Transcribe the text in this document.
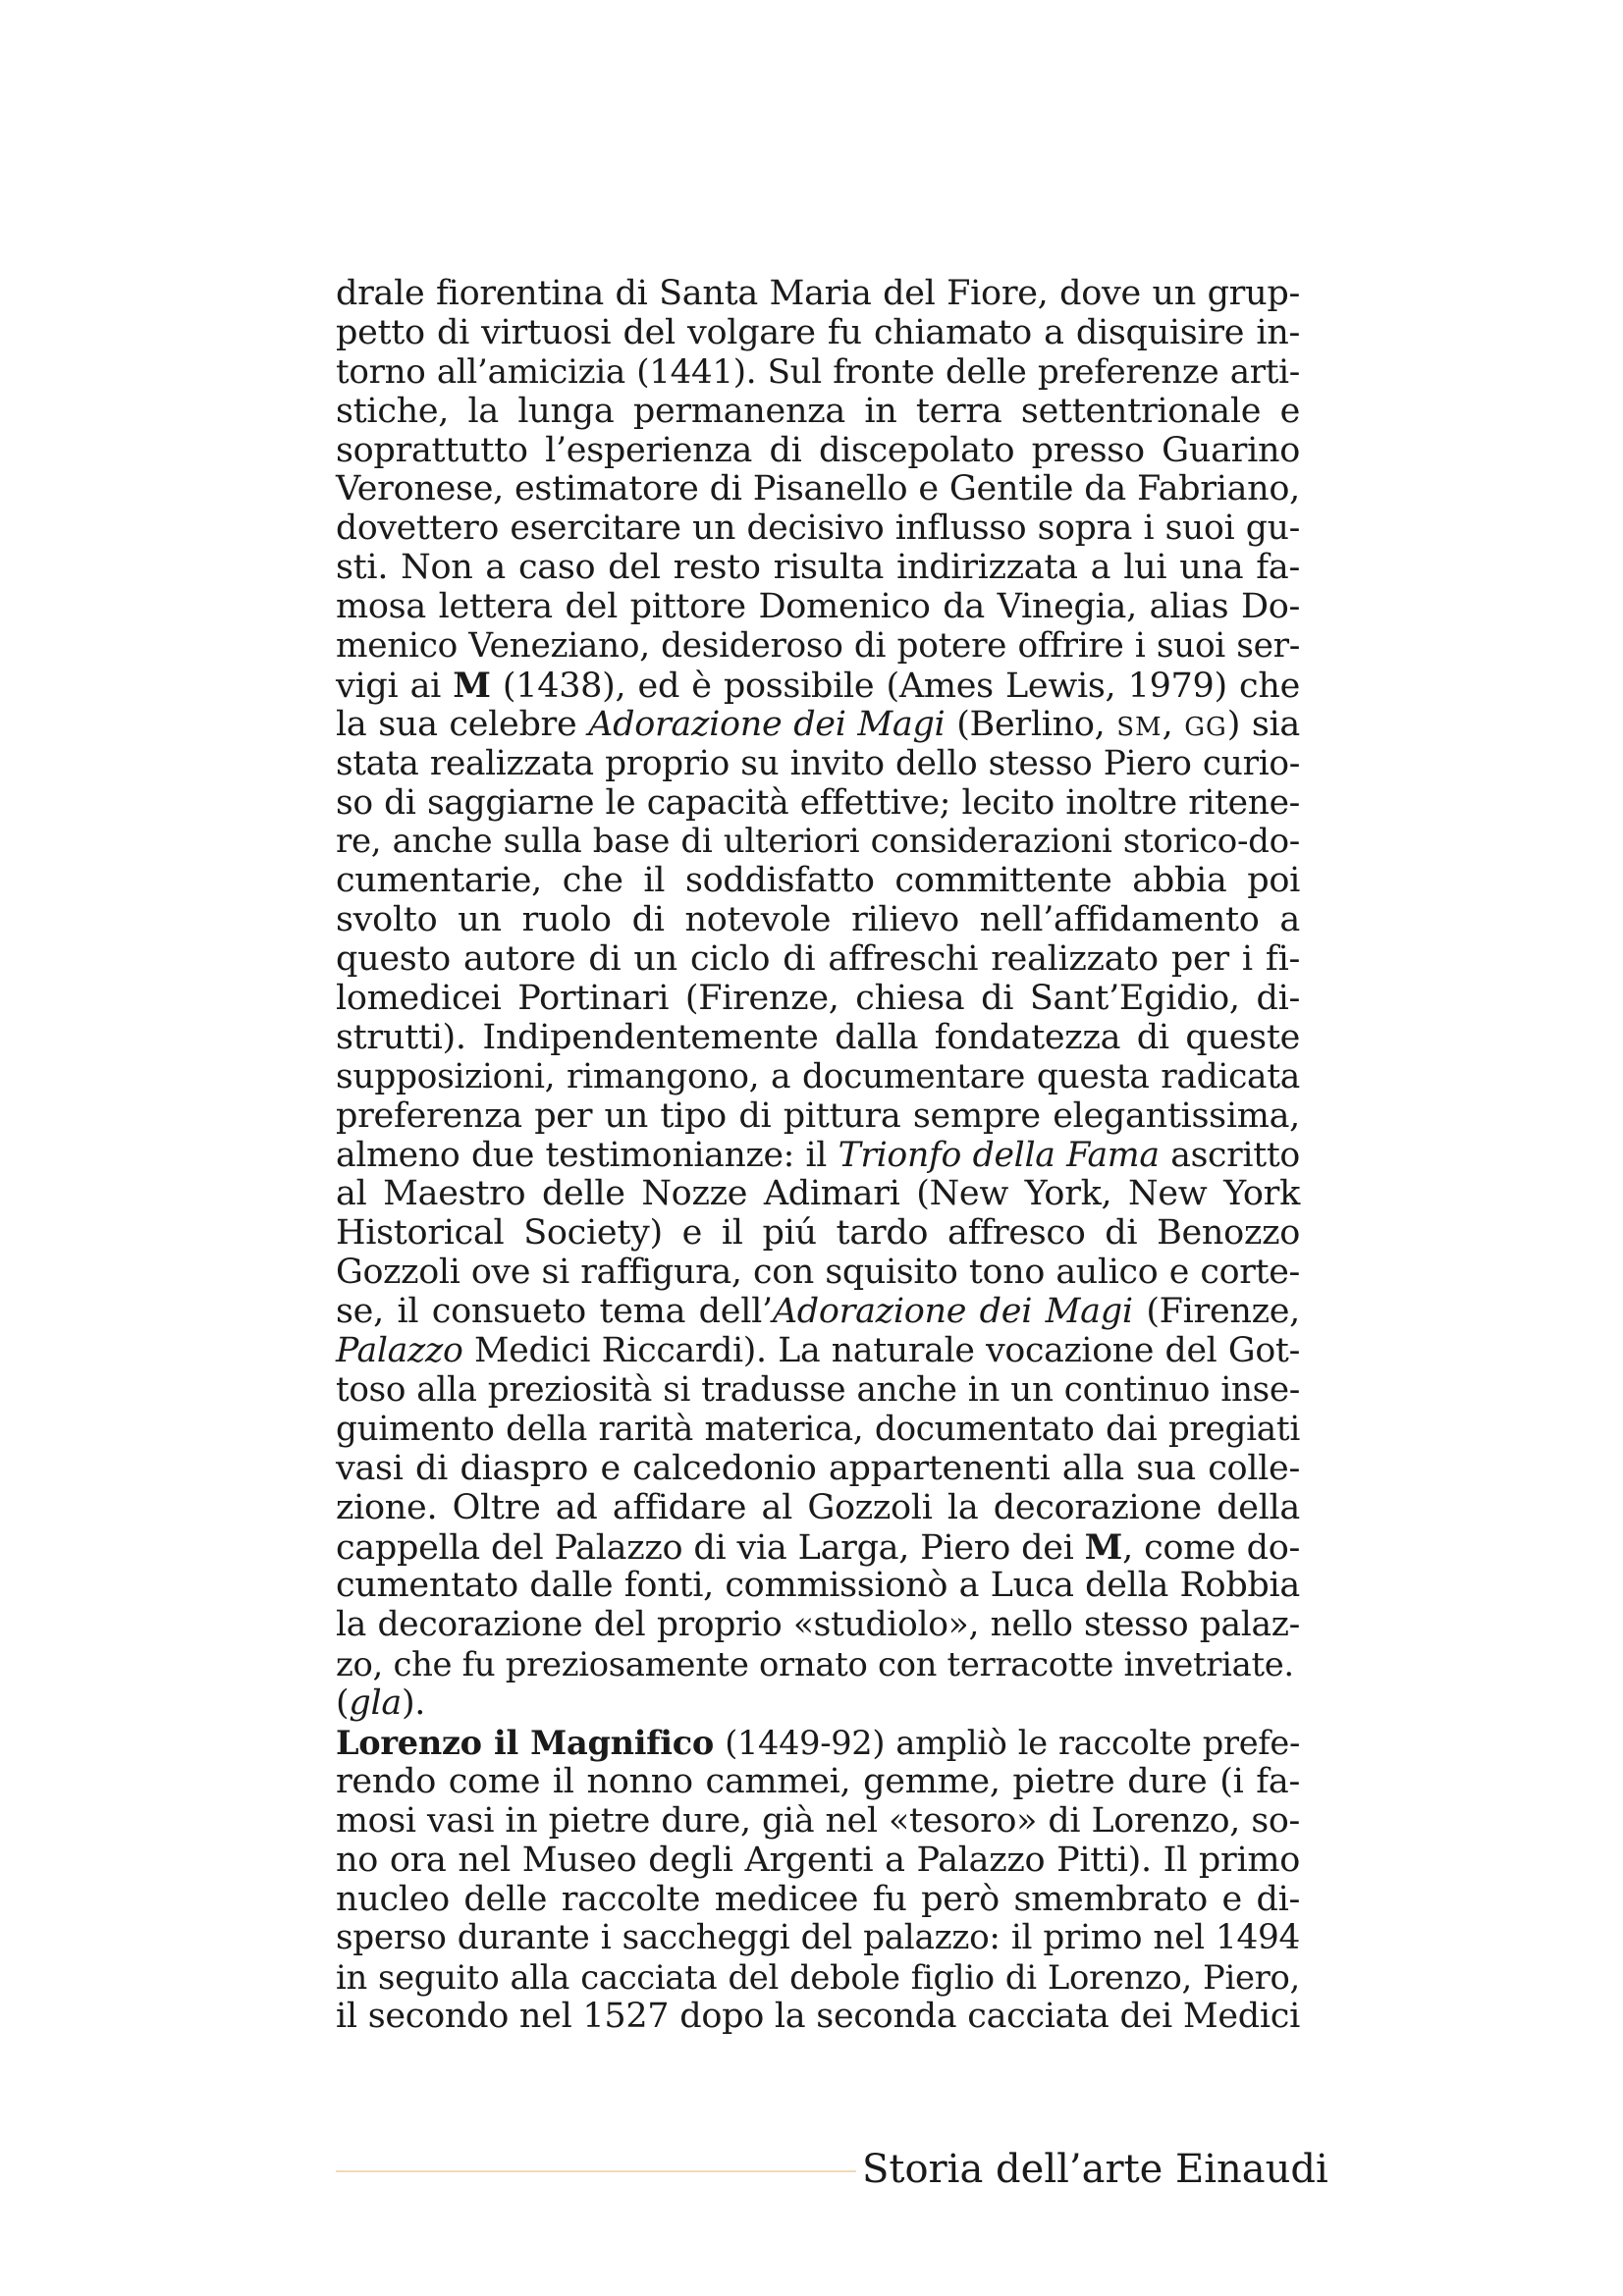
drale fiorentina di Santa Maria del Fiore, dove un grup-
petto di virtuosi del volgare fu chiamato a disquisire in-
torno all’amicizia (1441). Sul fronte delle preferenze arti-
stiche, la lunga permanenza in terra settentrionale e
soprattutto l’esperienza di discepolato presso Guarino
Veronese, estimatore di Pisanello e Gentile da Fabriano,
dovettero esercitare un decisivo influsso sopra i suoi gu-
sti. Non a caso del resto risulta indirizzata a lui una fa-
mosa lettera del pittore Domenico da Vinegia, alias Do-
menico Veneziano, desideroso di potere offrire i suoi ser-
vigi ai M (1438), ed è possibile (Ames Lewis, 1979) che
la sua celebre Adorazione dei Magi (Berlino, SM, GG) sia
stata realizzata proprio su invito dello stesso Piero curio-
so di saggiarne le capacità effettive; lecito inoltre ritene-
re, anche sulla base di ulteriori considerazioni storico-do-
cumentarie, che il soddisfatto committente abbia poi
svolto un ruolo di notevole rilievo nell’affidamento a
questo autore di un ciclo di affreschi realizzato per i fi-
lomedicei Portinari (Firenze, chiesa di Sant’Egidio, di-
strutti). Indipendentemente dalla fondatezza di queste
supposizioni, rimangono, a documentare questa radicata
preferenza per un tipo di pittura sempre elegantissima,
almeno due testimonianze: il Trionfo della Fama ascritto
al Maestro delle Nozze Adimari (New York, New York
Historical Society) e il piú tardo affresco di Benozzo
Gozzoli ove si raffigura, con squisito tono aulico e corte-
se, il consueto tema dell’Adorazione dei Magi (Firenze,
Palazzo Medici Riccardi). La naturale vocazione del Got-
toso alla preziosità si tradusse anche in un continuo inse-
guimento della rarità materica, documentato dai pregiati
vasi di diaspro e calcedonio appartenenti alla sua colle-
zione. Oltre ad affidare al Gozzoli la decorazione della
cappella del Palazzo di via Larga, Piero dei M, come do-
cumentato dalle fonti, commissionò a Luca della Robbia
la decorazione del proprio «studiolo», nello stesso palaz-
zo, che fu preziosamente ornato con terracotte invetriate.
(gla).
Lorenzo il Magnifico (1449-92) ampliò le raccolte prefe-
rendo come il nonno cammei, gemme, pietre dure (i fa-
mosi vasi in pietre dure, già nel «tesoro» di Lorenzo, so-
no ora nel Museo degli Argenti a Palazzo Pitti). Il primo
nucleo delle raccolte medicee fu però smembrato e di-
sperso durante i saccheggi del palazzo: il primo nel 1494
in seguito alla cacciata del debole figlio di Lorenzo, Piero,
il secondo nel 1527 dopo la seconda cacciata dei Medici
Storia dell’arte Einaudi
